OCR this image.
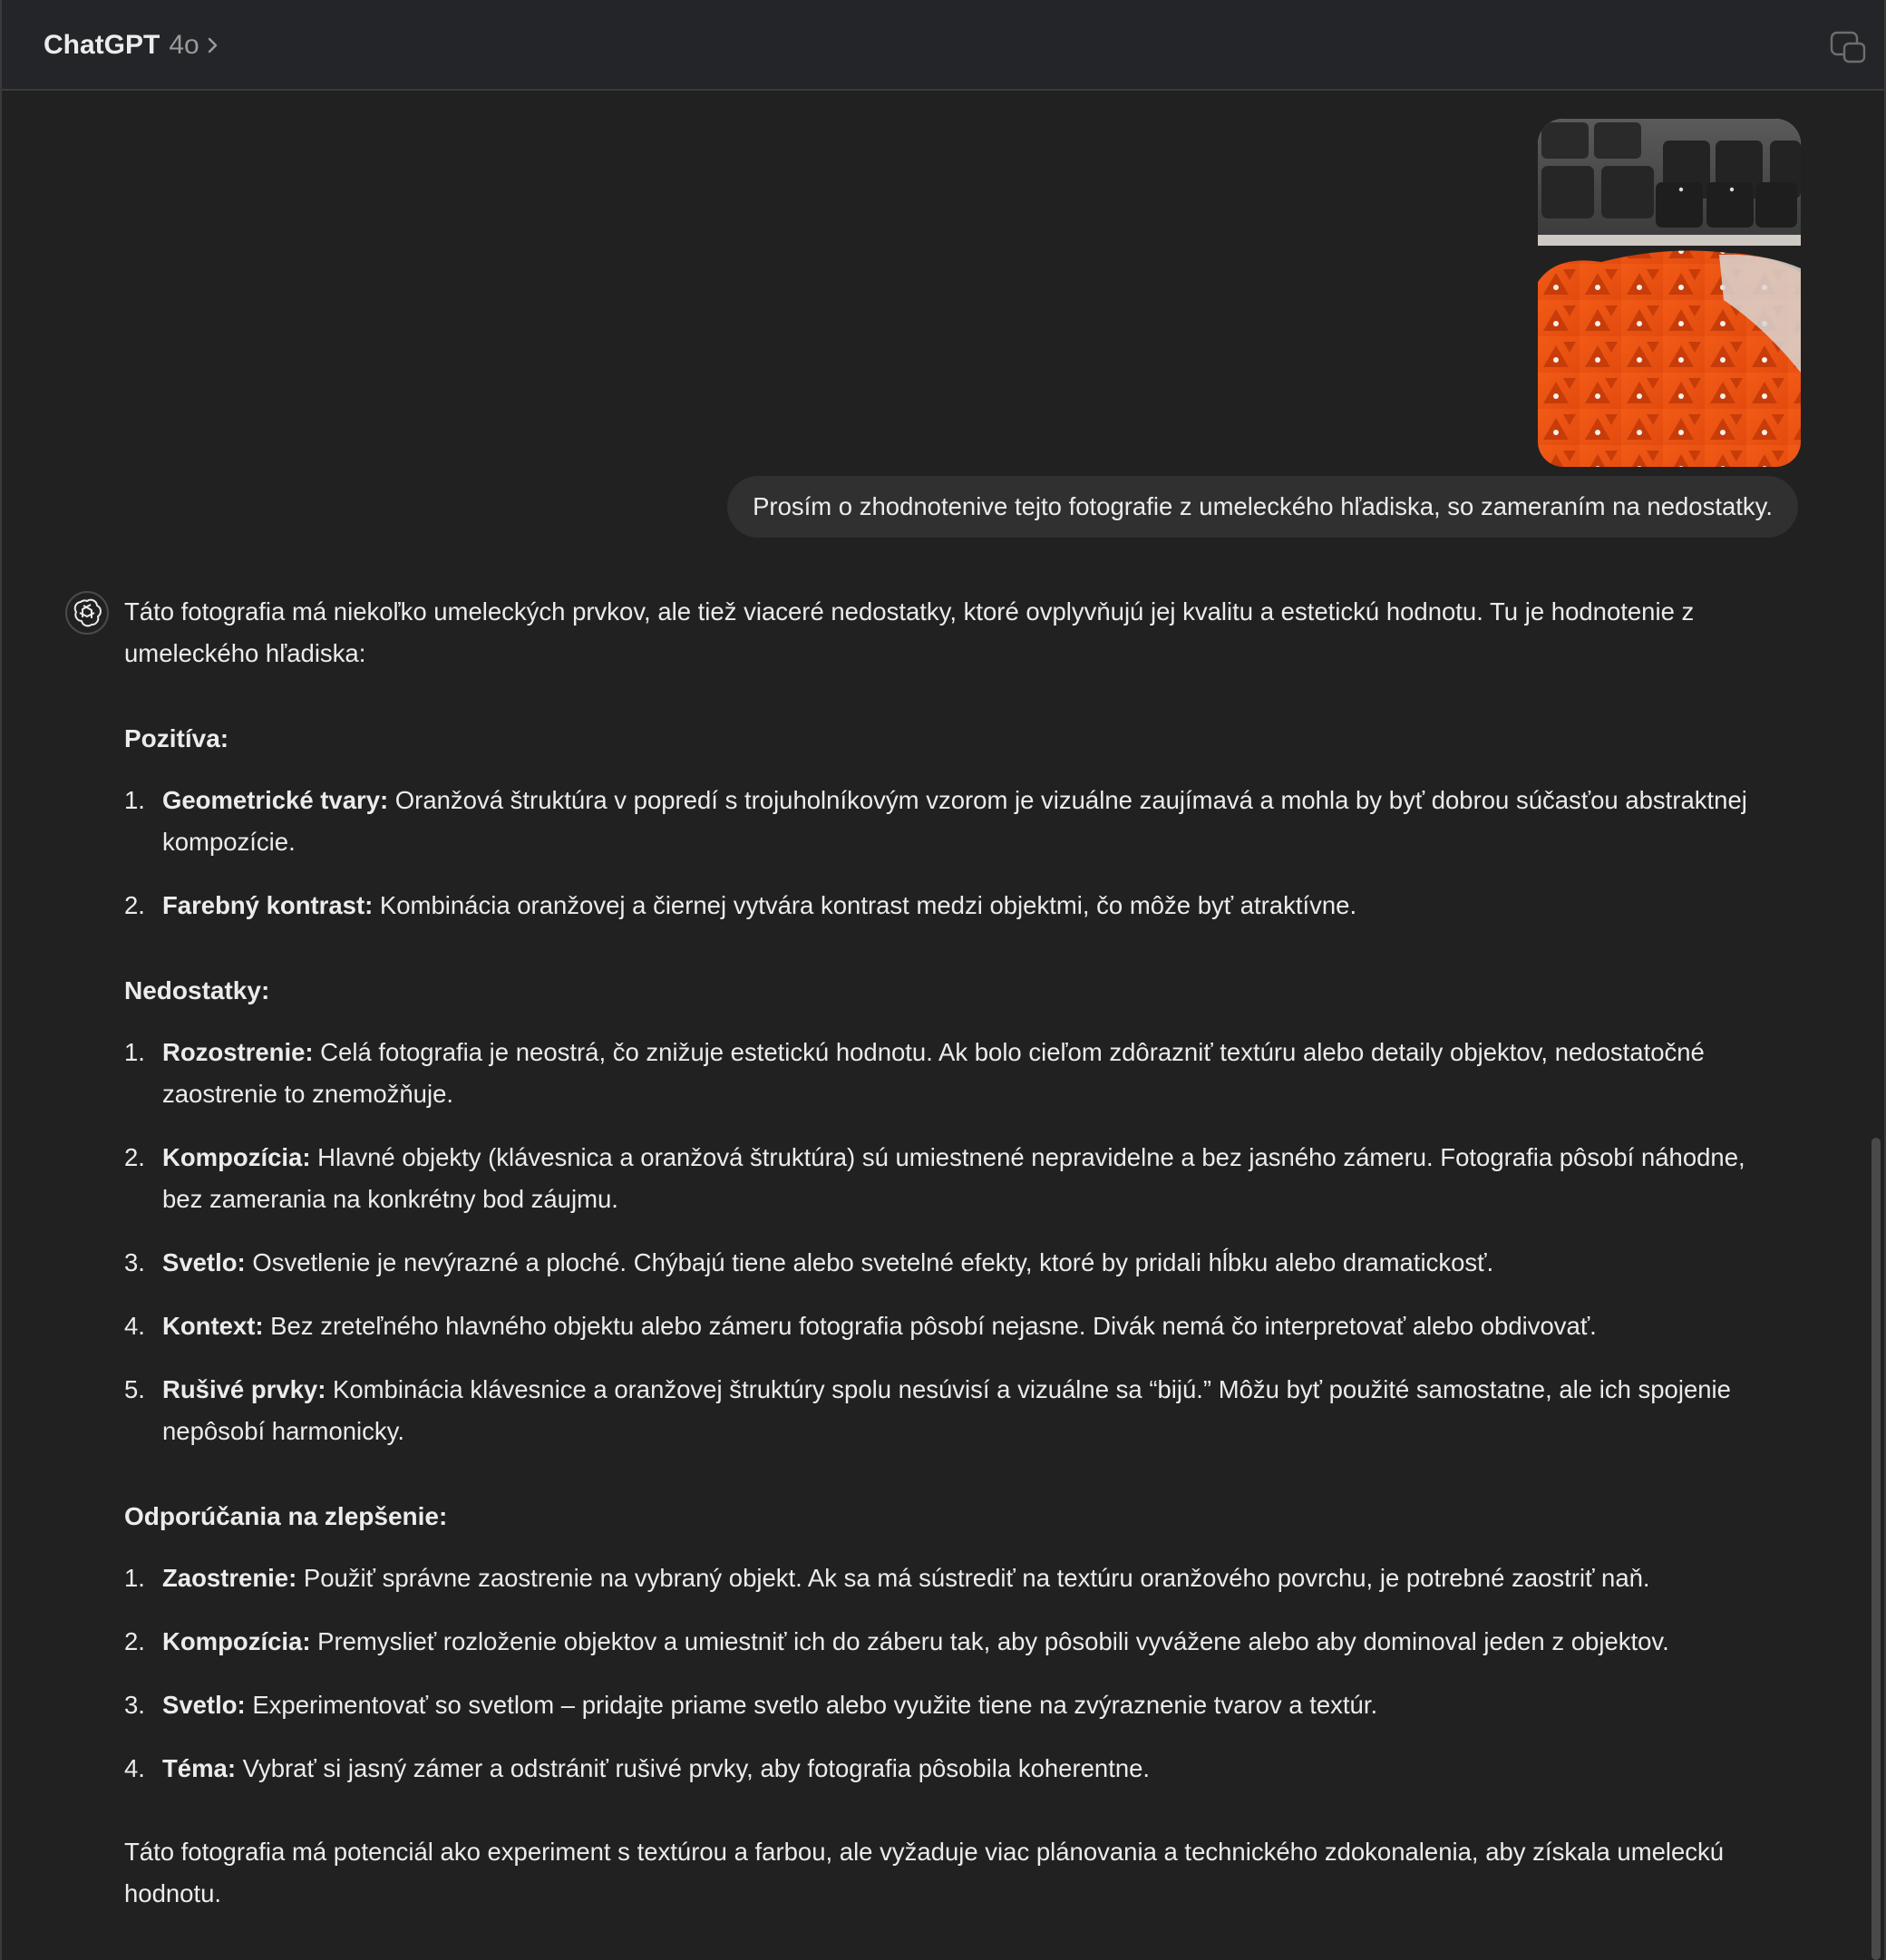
ChatGPT 4o
Prosím o zhodnotenive tejto fotografie z umeleckého hľadiska, so zameraním na nedostatky.

Táto fotografia má niekoľko umeleckých prvkov, ale tiež viaceré nedostatky, ktoré ovplyvňujú jej kvalitu a estetickú hodnotu. Tu je hodnotenie z umeleckého hľadiska:

Pozitíva:
1. Geometrické tvary: Oranžová štruktúra v popredí s trojuholníkovým vzorom je vizuálne zaujímavá a mohla by byť dobrou súčasťou abstraktnej kompozície.
2. Farebný kontrast: Kombinácia oranžovej a čiernej vytvára kontrast medzi objektmi, čo môže byť atraktívne.
Nedostatky:
1. Rozostrenie: Celá fotografia je neostrá, čo znižuje estetickú hodnotu. Ak bolo cieľom zdôrazniť textúru alebo detaily objektov, nedostatočné zaostrenie to znemožňuje.
2. Kompozícia: Hlavné objekty (klávesnica a oranžová štruktúra) sú umiestnené nepravidelne a bez jasného zámeru. Fotografia pôsobí náhodne, bez zamerania na konkrétny bod záujmu.
3. Svetlo: Osvetlenie je nevýrazné a ploché. Chýbajú tiene alebo svetelné efekty, ktoré by pridali hĺbku alebo dramatickosť.
4. Kontext: Bez zreteľného hlavného objektu alebo zámeru fotografia pôsobí nejasne. Divák nemá čo interpretovať alebo obdivovať.
5. Rušivé prvky: Kombinácia klávesnice a oranžovej štruktúry spolu nesúvisí a vizuálne sa “bijú.” Môžu byť použité samostatne, ale ich spojenie nepôsobí harmonicky.
Odporúčania na zlepšenie:
1. Zaostrenie: Použiť správne zaostrenie na vybraný objekt. Ak sa má sústrediť na textúru oranžového povrchu, je potrebné zaostriť naň.
2. Kompozícia: Premyslieť rozloženie objektov a umiestniť ich do záberu tak, aby pôsobili vyvážene alebo aby dominoval jeden z objektov.
3. Svetlo: Experimentovať so svetlom – pridajte priame svetlo alebo využite tiene na zvýraznenie tvarov a textúr.
4. Téma: Vybrať si jasný zámer a odstrániť rušivé prvky, aby fotografia pôsobila koherentne.

Táto fotografia má potenciál ako experiment s textúrou a farbou, ale vyžaduje viac plánovania a technického zdokonalenia, aby získala umeleckú hodnotu.
